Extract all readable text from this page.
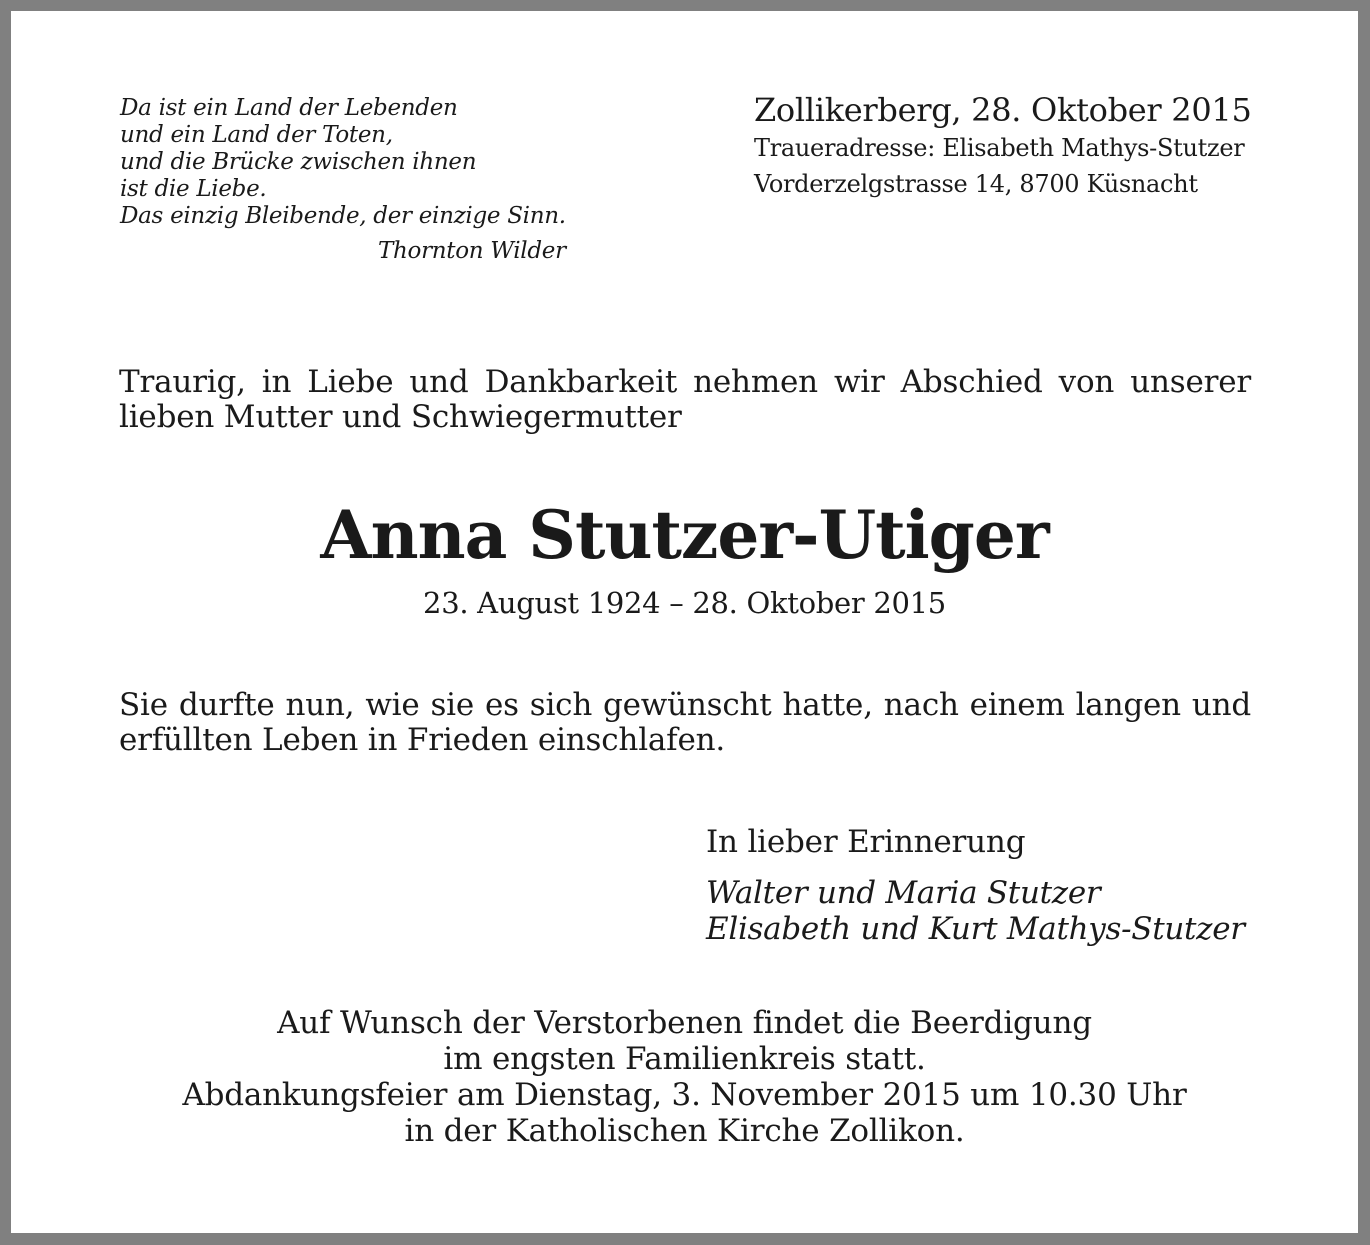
Da ist ein Land der Lebenden
und ein Land der Toten,
und die Brücke zwischen ihnen
ist die Liebe.
Das einzig Bleibende, der einzige Sinn.
Thornton Wilder
Zollikerberg, 28. Oktober 2015
Traueradresse: Elisabeth Mathys-Stutzer
Vorderzelgstrasse 14, 8700 Küsnacht
Traurig, in Liebe und Dankbarkeit nehmen wir Abschied von unserer lieben Mutter und Schwiegermutter
Anna Stutzer-Utiger
23. August 1924 – 28. Oktober 2015
Sie durfte nun, wie sie es sich gewünscht hatte, nach einem langen und erfüllten Leben in Frieden einschlafen.
In lieber Erinnerung
Walter und Maria Stutzer
Elisabeth und Kurt Mathys-Stutzer
Auf Wunsch der Verstorbenen findet die Beerdigung
im engsten Familienkreis statt.
Abdankungsfeier am Dienstag, 3. November 2015 um 10.30 Uhr
in der Katholischen Kirche Zollikon.
